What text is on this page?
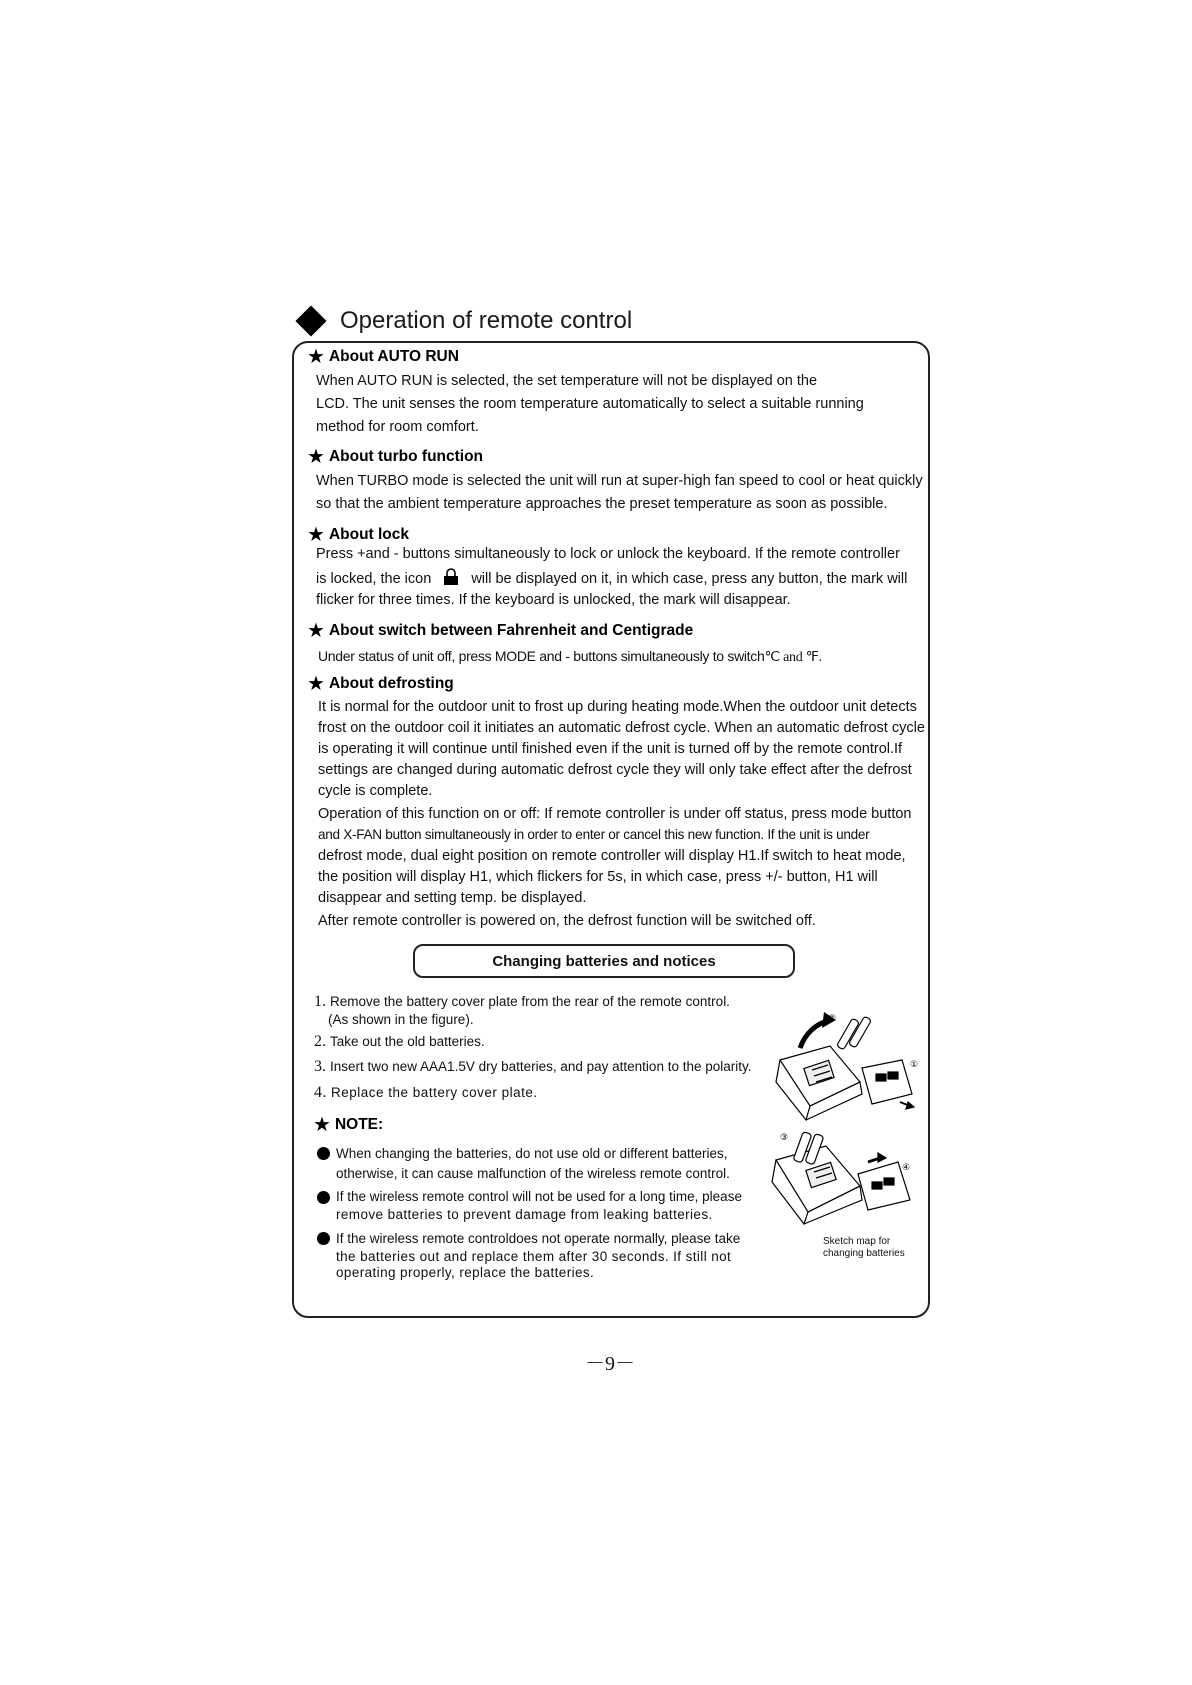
Operation of remote control
★ About AUTO RUN
When AUTO RUN is selected, the set temperature will not be displayed on the
LCD. The unit senses the room temperature automatically to select a suitable running
method for room comfort.
★ About turbo function
When TURBO mode is selected the unit will run at super-high fan speed to cool or heat quickly
so that the ambient temperature approaches the preset temperature as soon as possible.
★ About lock
Press +and - buttons simultaneously to lock or unlock the keyboard. If the remote controller
is locked, the icon	will be displayed on it, in which case, press any button, the mark will
flicker for three times. If the keyboard is unlocked, the mark will disappear.
★ About switch between Fahrenheit and Centigrade
Under status of unit off, press MODE and - buttons simultaneously to switch℃ and ℉.
★ About defrosting
It is normal for the outdoor unit to frost up during heating mode.When the outdoor unit detects
frost on the outdoor coil it initiates an automatic defrost cycle. When an automatic defrost cycle
is operating it will continue until finished even if the unit is turned off by the remote control.If
settings are changed during automatic defrost cycle they will only take effect after the defrost
cycle is complete.
Operation of this function on or off: If remote controller is under off status, press mode button
and X-FAN button simultaneously in order to enter or cancel this new function. If the unit is under
defrost mode, dual eight position on remote controller will display H1.If switch to heat mode,
the position will display H1, which flickers for 5s, in which case, press +/- button, H1 will
disappear and setting temp. be displayed.
After remote controller is powered on, the defrost function will be switched off.
Changing batteries and notices
1. Remove the battery cover plate from the rear of the remote control.
(As shown in the figure).
2. Take out the old batteries.
3. Insert two new AAA1.5V dry batteries, and pay attention to the polarity.
4. Replace the battery cover plate.
★ NOTE:
When changing the batteries, do not use old or different batteries,
otherwise, it can cause malfunction of the wireless remote control.
If the wireless remote control will not be used for a long time, please
remove batteries to prevent damage from leaking batteries.
If the wireless remote controldoes not operate normally, please take
the batteries out and replace them after 30 seconds. If still not
operating properly, replace the batteries.
②
①
③
④
Sketch map for
changing batteries
－9－
